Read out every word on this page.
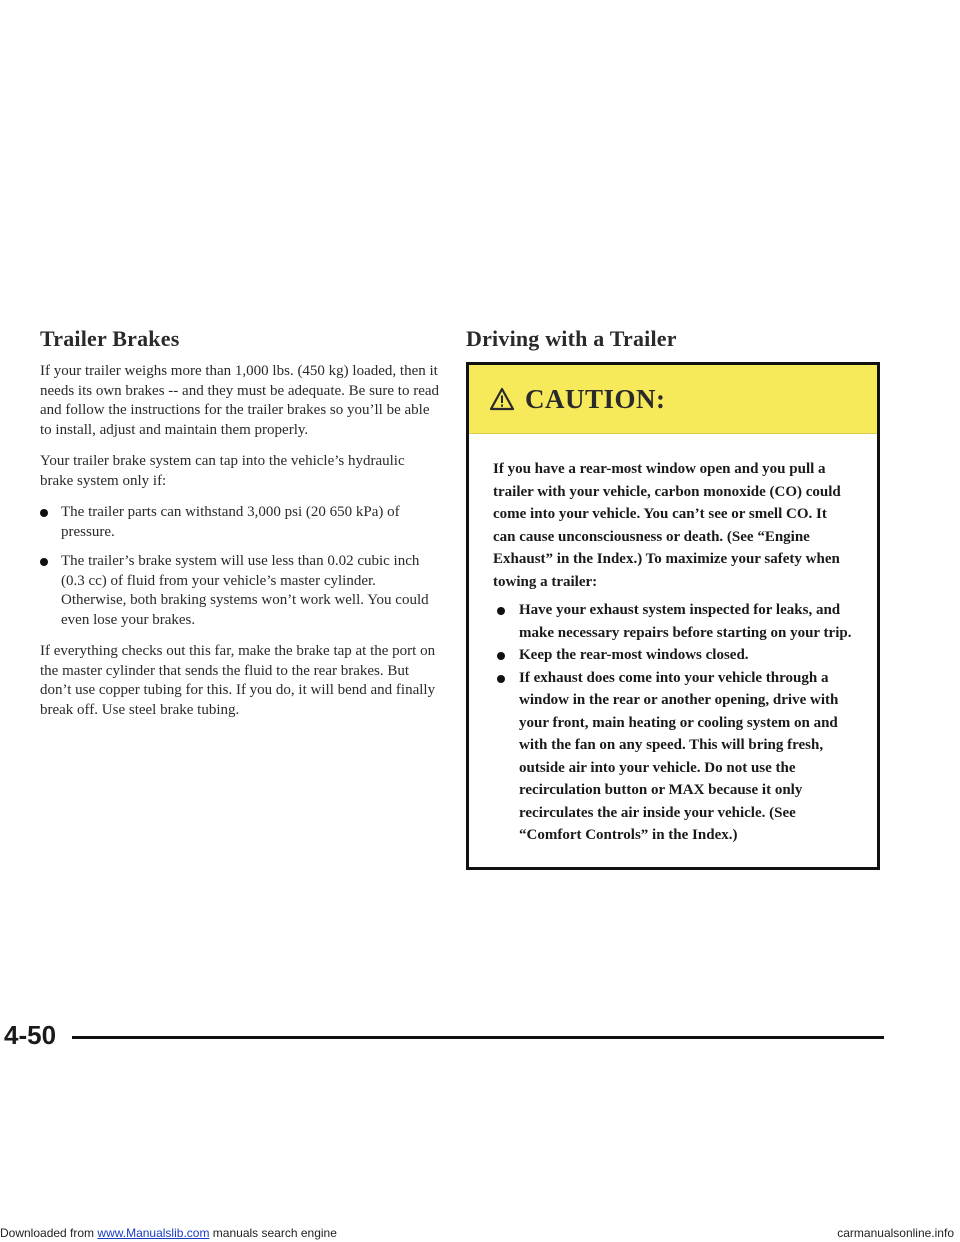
Trailer Brakes

If your trailer weighs more than 1,000 lbs. (450 kg) loaded, then it needs its own brakes -- and they must be adequate. Be sure to read and follow the instructions for the trailer brakes so you’ll be able to install, adjust and maintain them properly.

Your trailer brake system can tap into the vehicle’s hydraulic brake system only if:

The trailer parts can withstand 3,000 psi (20 650 kPa) of pressure.
The trailer’s brake system will use less than 0.02 cubic inch (0.3 cc) of fluid from your vehicle’s master cylinder. Otherwise, both braking systems won’t work well. You could even lose your brakes.

If everything checks out this far, make the brake tap at the port on the master cylinder that sends the fluid to the rear brakes. But don’t use copper tubing for this. If you do, it will bend and finally break off. Use steel brake tubing.

Driving with a Trailer
CAUTION:

If you have a rear-most window open and you pull a trailer with your vehicle, carbon monoxide (CO) could come into your vehicle. You can’t see or smell CO. It can cause unconsciousness or death. (See “Engine Exhaust” in the Index.) To maximize your safety when towing a trailer:

Have your exhaust system inspected for leaks, and make necessary repairs before starting on your trip.
Keep the rear-most windows closed.
If exhaust does come into your vehicle through a window in the rear or another opening, drive with your front, main heating or cooling system on and with the fan on any speed. This will bring fresh, outside air into your vehicle. Do not use the recirculation button or MAX because it only recirculates the air inside your vehicle. (See “Comfort Controls” in the Index.)
4-50
Downloaded from www.Manualslib.com manuals search engine	carmanualsonline.info
